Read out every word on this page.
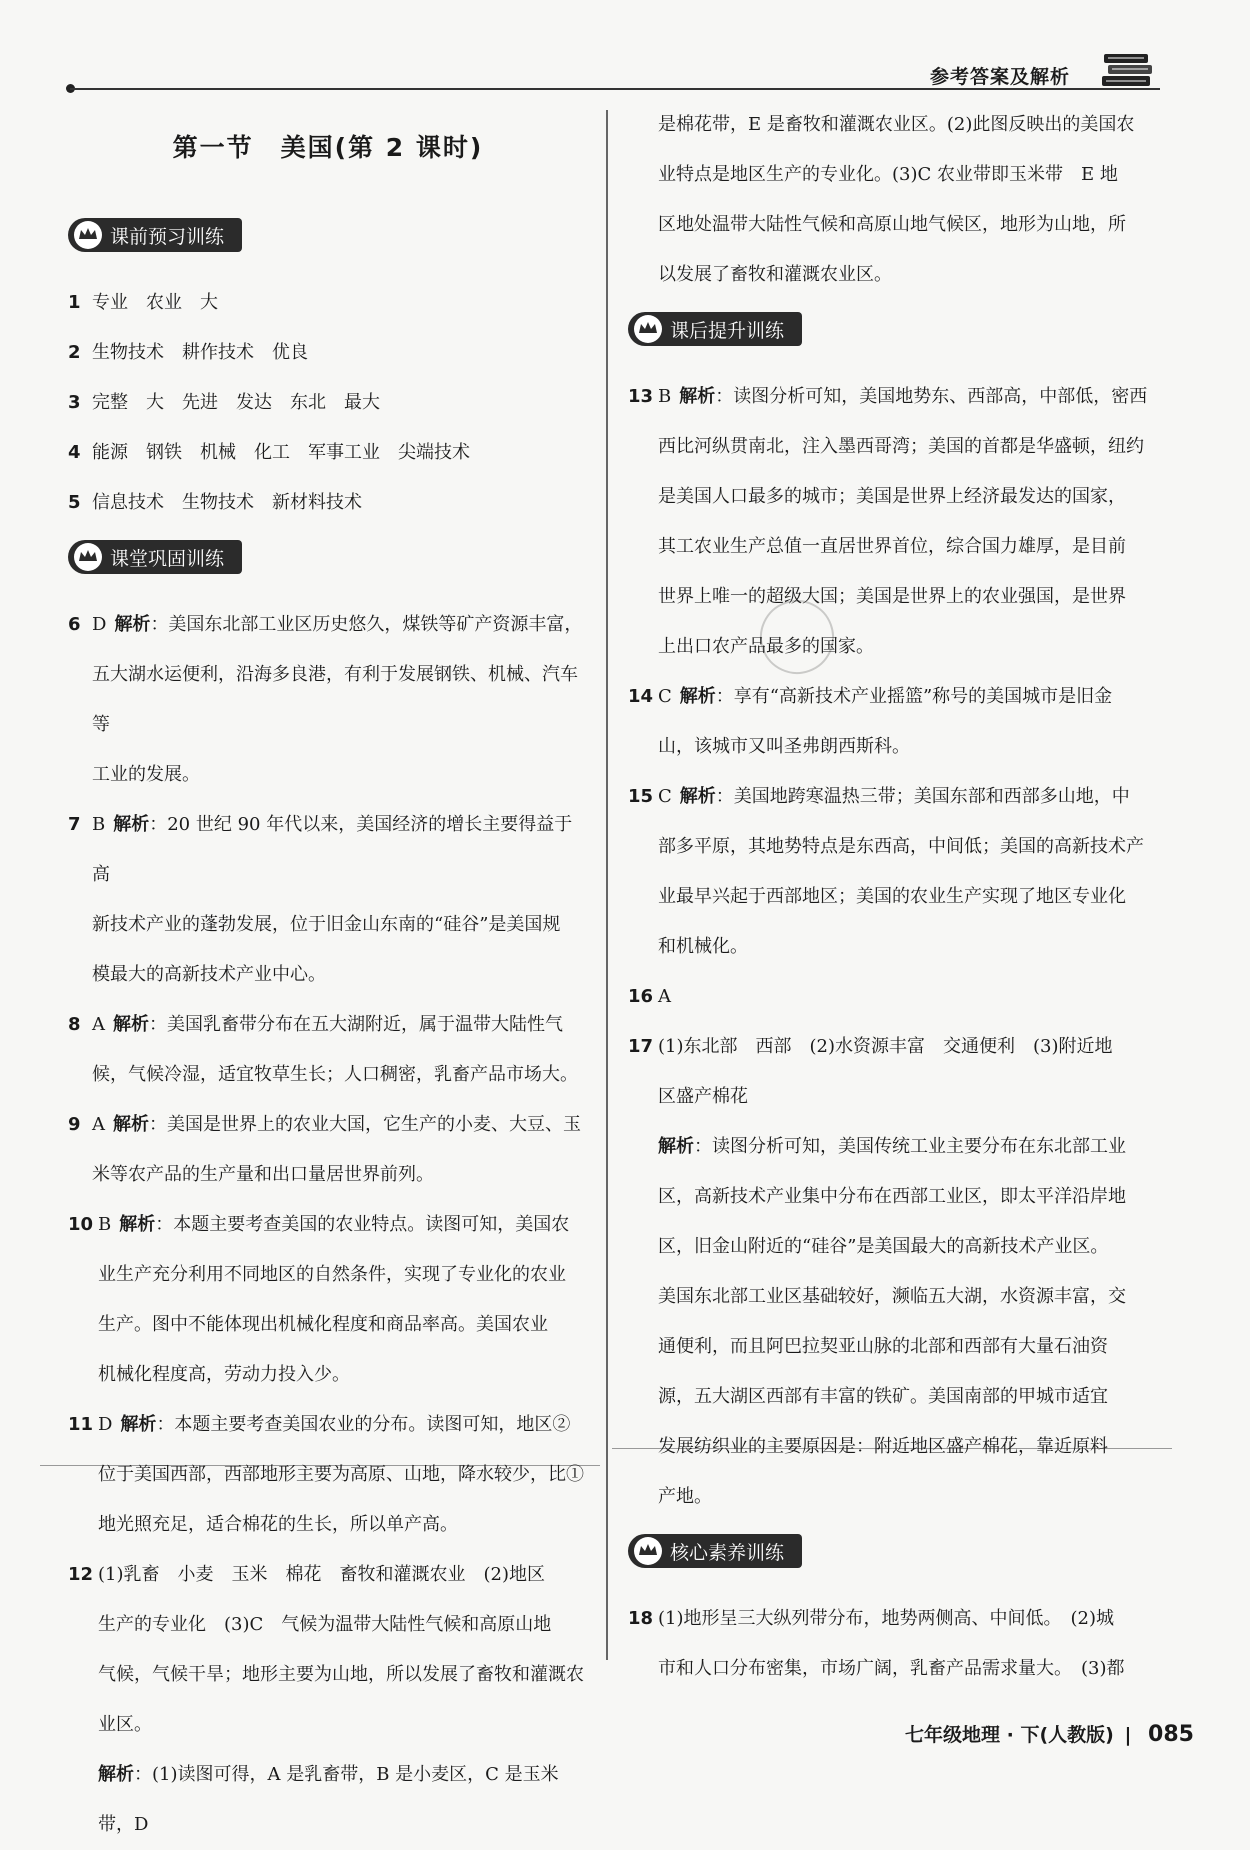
参考答案及解析
第一节　美国(第 2 课时)
课前预习训练
1 专业　农业　大
2 生物技术　耕作技术　优良
3 完整　大　先进　发达　东北　最大
4 能源　钢铁　机械　化工　军事工业　尖端技术
5 信息技术　生物技术　新材料技术
课堂巩固训练
6 D 解析：美国东北部工业区历史悠久，煤铁等矿产资源丰富，
五大湖水运便利，沿海多良港，有利于发展钢铁、机械、汽车等
工业的发展。
7 B 解析：20 世纪 90 年代以来，美国经济的增长主要得益于高
新技术产业的蓬勃发展，位于旧金山东南的“硅谷”是美国规
模最大的高新技术产业中心。
8 A 解析：美国乳畜带分布在五大湖附近，属于温带大陆性气
候，气候冷湿，适宜牧草生长；人口稠密，乳畜产品市场大。
9 A 解析：美国是世界上的农业大国，它生产的小麦、大豆、玉
米等农产品的生产量和出口量居世界前列。
10 B 解析：本题主要考查美国的农业特点。读图可知，美国农
业生产充分利用不同地区的自然条件，实现了专业化的农业
生产。图中不能体现出机械化程度和商品率高。美国农业
机械化程度高，劳动力投入少。
11 D 解析：本题主要考查美国农业的分布。读图可知，地区②
位于美国西部，西部地形主要为高原、山地，降水较少，比①
地光照充足，适合棉花的生长，所以单产高。
12 (1)乳畜　小麦　玉米　棉花　畜牧和灌溉农业　(2)地区
生产的专业化　(3)C　气候为温带大陆性气候和高原山地
气候，气候干旱；地形主要为山地，所以发展了畜牧和灌溉农
业区。
解析：(1)读图可得，A 是乳畜带，B 是小麦区，C 是玉米带，D
是棉花带，E 是畜牧和灌溉农业区。(2)此图反映出的美国农
业特点是地区生产的专业化。(3)C 农业带即玉米带　E 地
区地处温带大陆性气候和高原山地气候区，地形为山地，所
以发展了畜牧和灌溉农业区。
课后提升训练
13 B 解析：读图分析可知，美国地势东、西部高，中部低，密西
西比河纵贯南北，注入墨西哥湾；美国的首都是华盛顿，纽约
是美国人口最多的城市；美国是世界上经济最发达的国家，
其工农业生产总值一直居世界首位，综合国力雄厚，是目前
世界上唯一的超级大国；美国是世界上的农业强国，是世界
上出口农产品最多的国家。
14 C 解析：享有“高新技术产业摇篮”称号的美国城市是旧金
山，该城市又叫圣弗朗西斯科。
15 C 解析：美国地跨寒温热三带；美国东部和西部多山地，中
部多平原，其地势特点是东西高，中间低；美国的高新技术产
业最早兴起于西部地区；美国的农业生产实现了地区专业化
和机械化。
16 A
17 (1)东北部　西部　(2)水资源丰富　交通便利　(3)附近地
区盛产棉花
解析：读图分析可知，美国传统工业主要分布在东北部工业
区，高新技术产业集中分布在西部工业区，即太平洋沿岸地
区，旧金山附近的“硅谷”是美国最大的高新技术产业区。
美国东北部工业区基础较好，濒临五大湖，水资源丰富，交
通便利，而且阿巴拉契亚山脉的北部和西部有大量石油资
源，五大湖区西部有丰富的铁矿。美国南部的甲城市适宜
发展纺织业的主要原因是：附近地区盛产棉花，靠近原料
产地。
核心素养训练
18 (1)地形呈三大纵列带分布，地势两侧高、中间低。　(2)城
市和人口分布密集，市场广阔，乳畜产品需求量大。　(3)都
七年级地理 · 下(人教版) | 085
